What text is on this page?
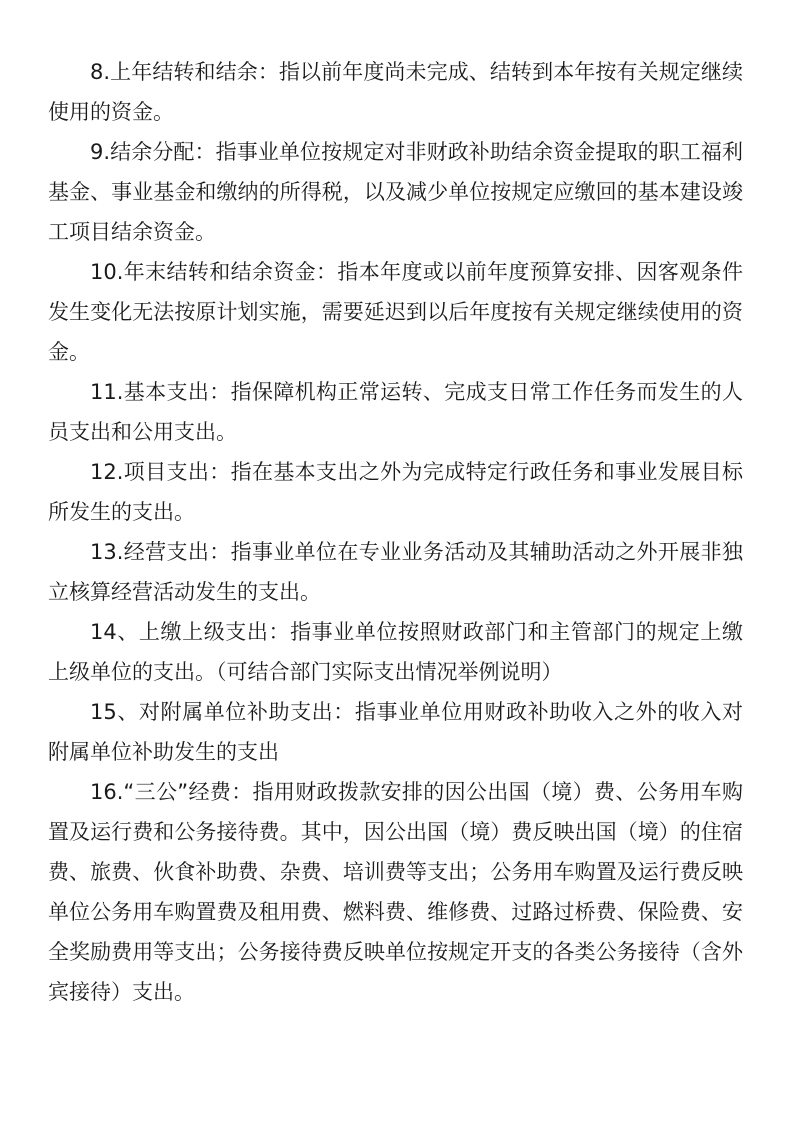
8.上年结转和结余：指以前年度尚未完成、结转到本年按有关规定继续使用的资金。

9.结余分配：指事业单位按规定对非财政补助结余资金提取的职工福利基金、事业基金和缴纳的所得税，以及减少单位按规定应缴回的基本建设竣工项目结余资金。

10.年末结转和结余资金：指本年度或以前年度预算安排、因客观条件发生变化无法按原计划实施，需要延迟到以后年度按有关规定继续使用的资金。

11.基本支出：指保障机构正常运转、完成支日常工作任务而发生的人员支出和公用支出。

12.项目支出：指在基本支出之外为完成特定行政任务和事业发展目标所发生的支出。

13.经营支出：指事业单位在专业业务活动及其辅助活动之外开展非独立核算经营活动发生的支出。

14、上缴上级支出：指事业单位按照财政部门和主管部门的规定上缴上级单位的支出。（可结合部门实际支出情况举例说明）

15、对附属单位补助支出：指事业单位用财政补助收入之外的收入对附属单位补助发生的支出

16.“三公”经费：指用财政拨款安排的因公出国（境）费、公务用车购置及运行费和公务接待费。其中，因公出国（境）费反映出国（境）的住宿费、旅费、伙食补助费、杂费、培训费等支出；公务用车购置及运行费反映单位公务用车购置费及租用费、燃料费、维修费、过路过桥费、保险费、安全奖励费用等支出；公务接待费反映单位按规定开支的各类公务接待（含外宾接待）支出。
